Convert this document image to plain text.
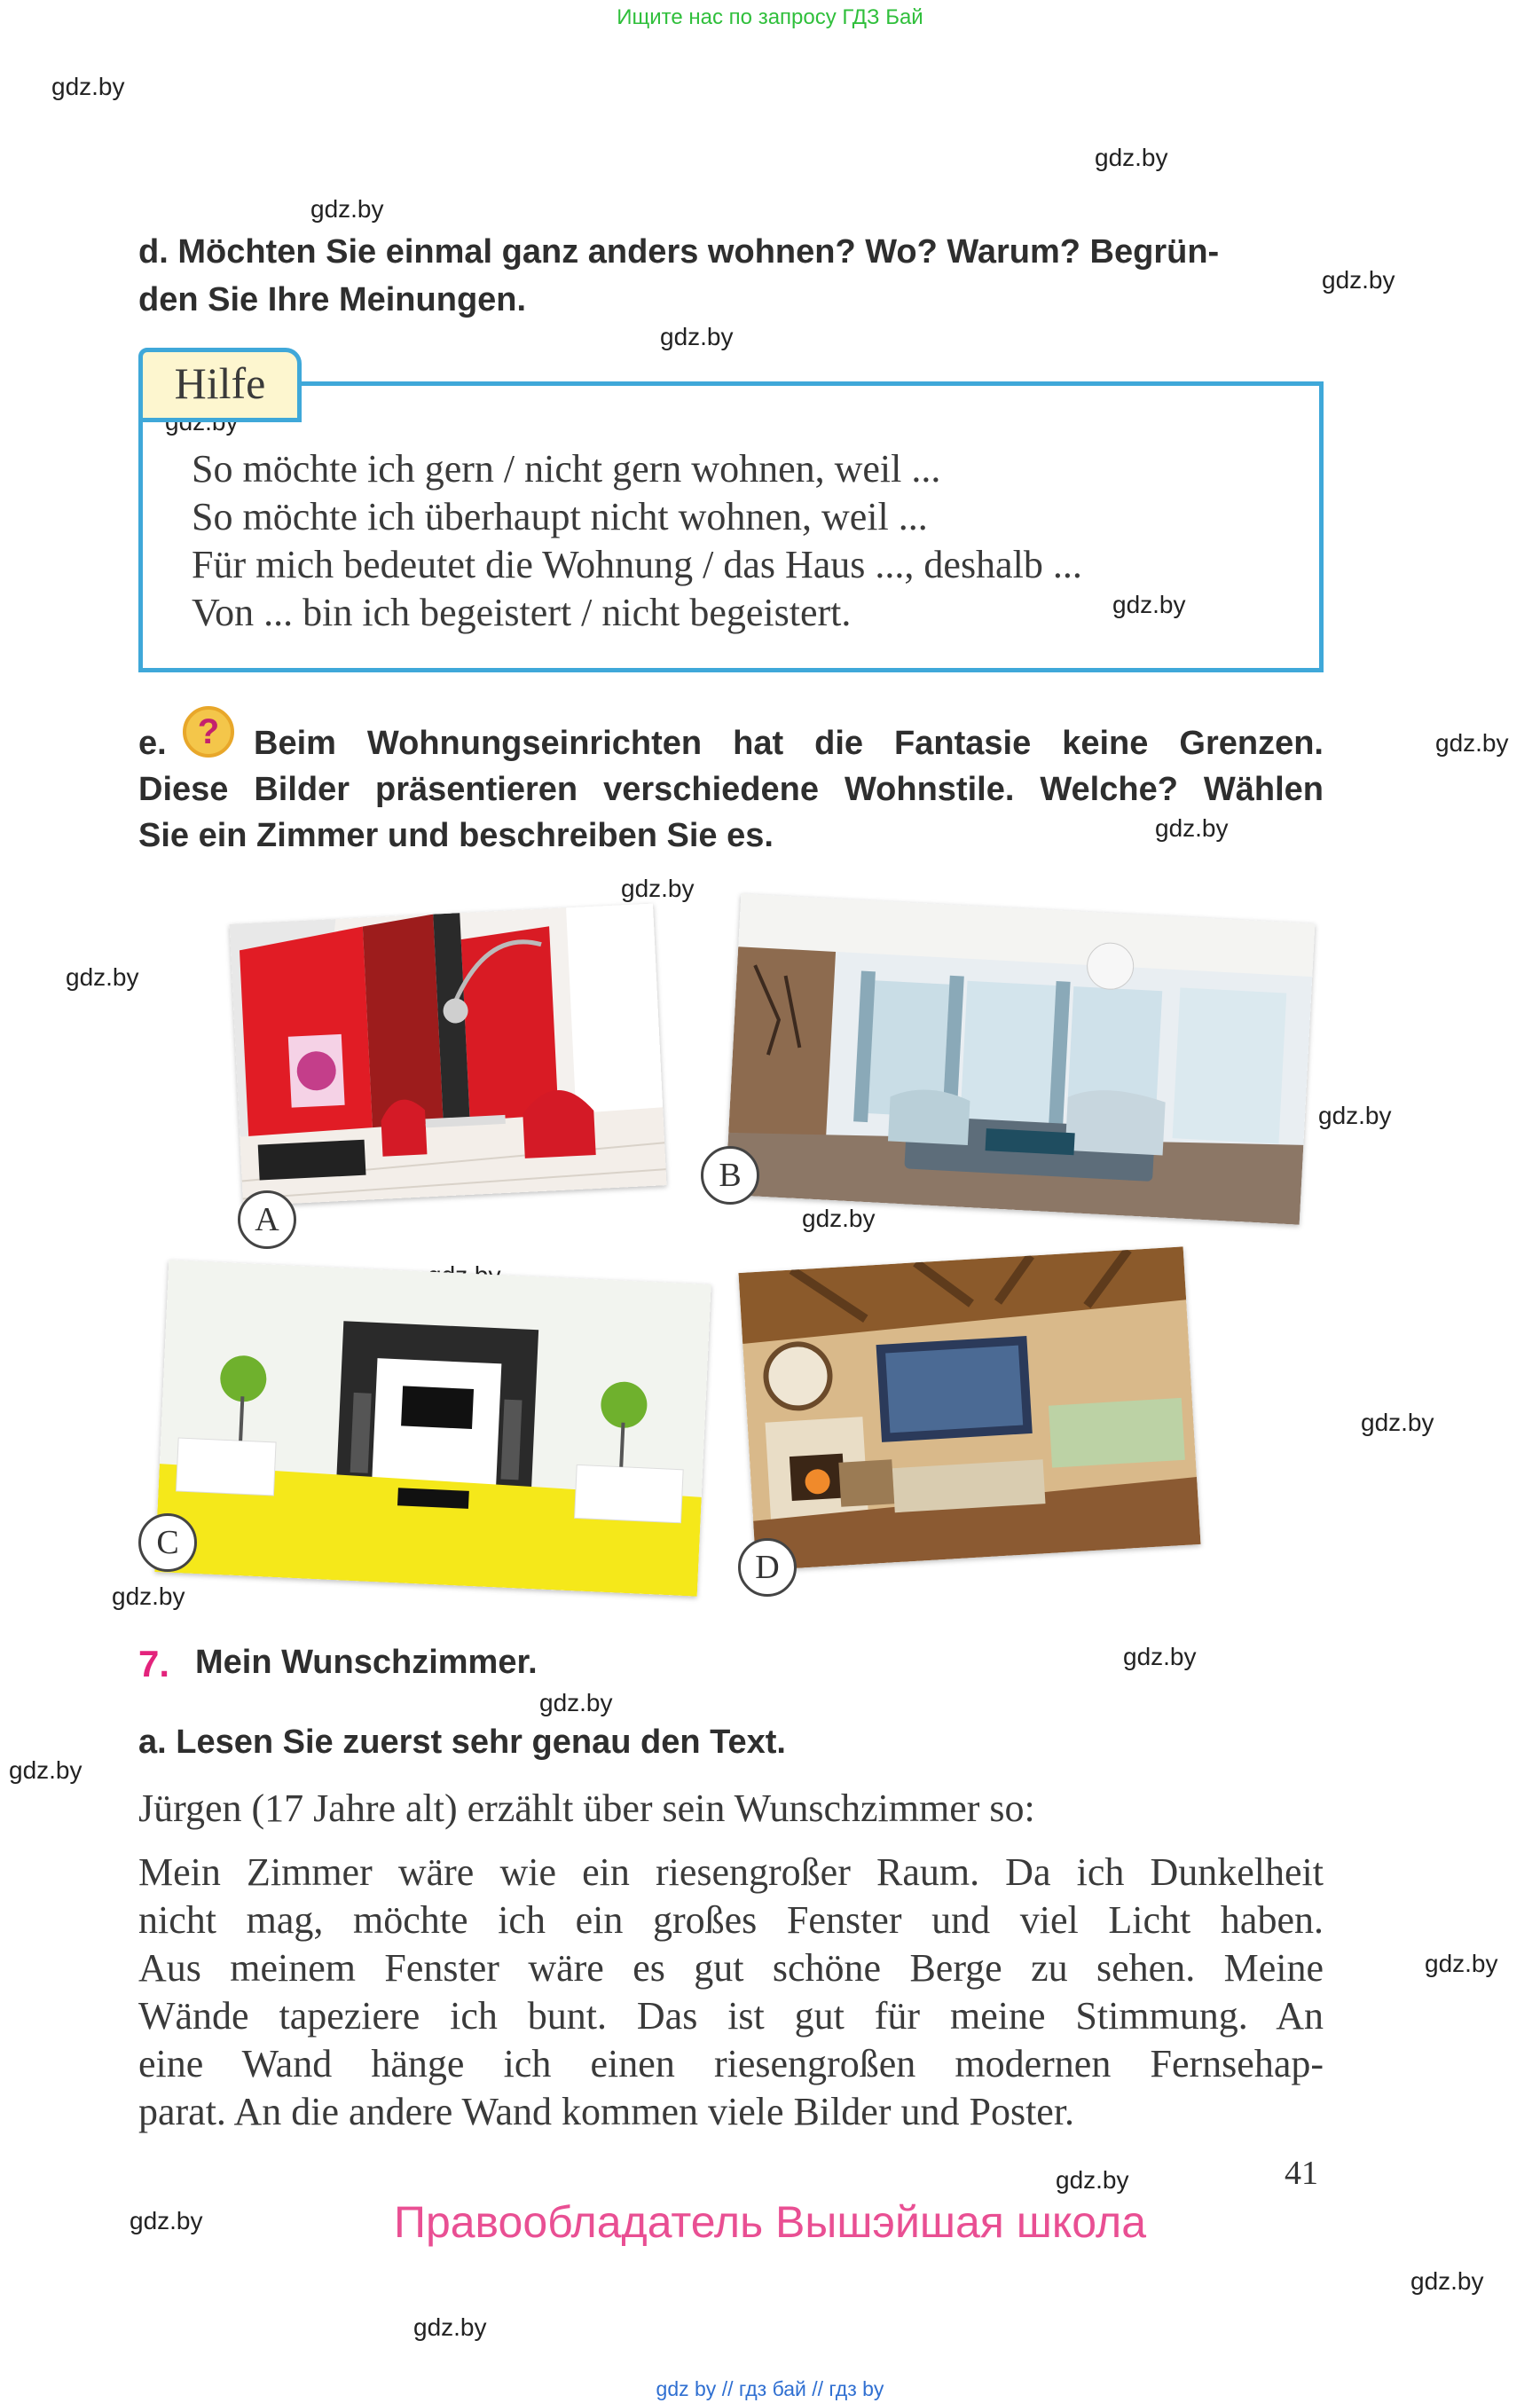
Ищите нас по запросу ГДЗ Бай
gdz.by
gdz.by
gdz.by
gdz.by
gdz.by
gdz.by
gdz.by
gdz.by
gdz.by
gdz.by
gdz.by
gdz.by
gdz.by
gdz.by
gdz.by
gdz.by
gdz.by
gdz.by
gdz.by
gdz.by
gdz.by
gdz.by
d. Möchten Sie einmal ganz anders wohnen? Wo? Warum? Begrün-
den Sie Ihre Meinungen.
Hilfe
So möchte ich gern / nicht gern wohnen, weil ...
So möchte ich überhaupt nicht wohnen, weil ...
Für mich bedeutet die Wohnung / das Haus ..., deshalb ...
Von ... bin ich begeistert / nicht begeistert.
e. ?	Beim Wohnungseinrichten hat die Fantasie keine Grenzen.
Diese Bilder präsentieren verschiedene Wohnstile. Welche? Wählen
Sie ein Zimmer und beschreiben Sie es.
A
B
C
D
7. Mein Wunschzimmer.
a. Lesen Sie zuerst sehr genau den Text.
Jürgen (17 Jahre alt) erzählt über sein Wunschzimmer so:
Mein Zimmer wäre wie ein riesengroßer Raum. Da ich Dunkelheit
nicht mag, möchte ich ein großes Fenster und viel Licht haben.
Aus meinem Fenster wäre es gut schöne Berge zu sehen. Meine
Wände tapeziere ich bunt. Das ist gut für meine Stimmung. An
eine Wand hänge ich einen riesengroßen modernen Fernsehap-
parat. An die andere Wand kommen viele Bilder und Poster.
41
Правообладатель Вышэйшая школа
gdz by // гдз бай // гдз by
